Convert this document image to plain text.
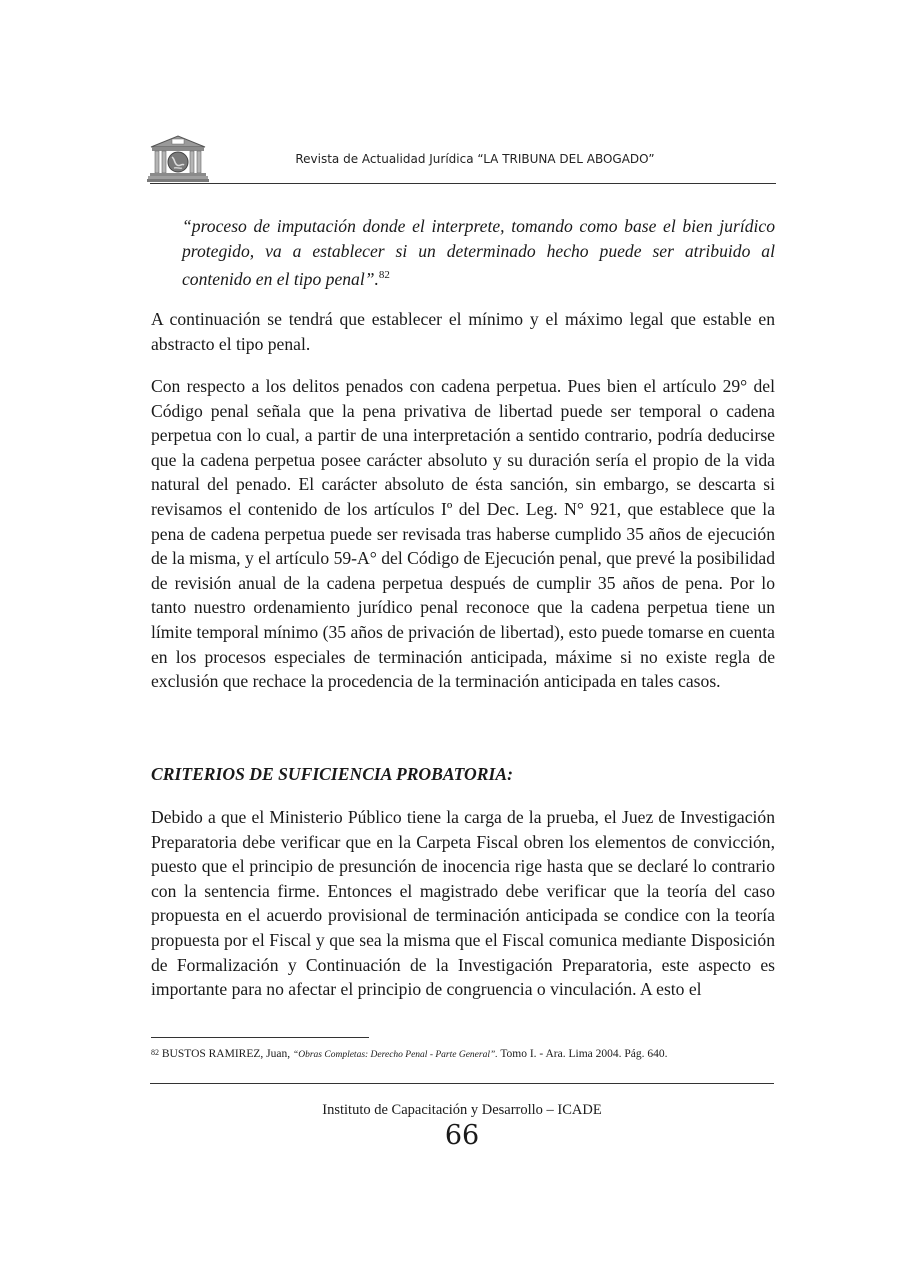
Revista de Actualidad Jurídica “LA TRIBUNA DEL ABOGADO”

“proceso de imputación donde el interprete, tomando como base el bien jurídico protegido, va a establecer si un determinado hecho puede ser atribuido al contenido en el tipo penal”.$^{82}$

A continuación se tendrá que establecer el mínimo y el máximo legal que estable en abstracto el tipo penal.

Con respecto a los delitos penados con cadena perpetua. Pues bien el artículo 29° del Código penal señala que la pena privativa de libertad puede ser temporal o cadena perpetua con lo cual, a partir de una interpretación a sentido contrario, podría deducirse que la cadena perpetua posee carácter absoluto y su duración sería el propio de la vida natural del penado. El carácter absoluto de ésta sanción, sin embargo, se descarta si revisamos el contenido de los artículos Iº del Dec. Leg. N° 921, que establece que la pena de cadena perpetua puede ser revisada tras haberse cumplido 35 años de ejecución de la misma, y el artículo 59-A° del Código de Ejecución penal, que prevé la posibilidad de revisión anual de la cadena perpetua después de cumplir 35 años de pena. Por lo tanto nuestro ordenamiento jurídico penal reconoce que la cadena perpetua tiene un límite temporal mínimo (35 años de privación de libertad), esto puede tomarse en cuenta en los procesos especiales de terminación anticipada, máxime si no existe regla de exclusión que rechace la procedencia de la terminación anticipada en tales casos.

CRITERIOS DE SUFICIENCIA PROBATORIA:

Debido a que el Ministerio Público tiene la carga de la prueba, el Juez de Investigación Preparatoria debe verificar que en la Carpeta Fiscal obren los elementos de convicción, puesto que el principio de presunción de inocencia rige hasta que se declaré lo contrario con la sentencia firme. Entonces el magistrado debe verificar que la teoría del caso propuesta en el acuerdo provisional de terminación anticipada se condice con la teoría propuesta por el Fiscal y que sea la misma que el Fiscal comunica mediante Disposición de Formalización y Continuación de la Investigación Preparatoria, este aspecto es importante para no afectar el principio de congruencia o vinculación. A esto el

$^{82}$ BUSTOS RAMIREZ, Juan, “Obras Completas: Derecho Penal - Parte General”. Tomo I. - Ara. Lima 2004. Pág. 640.
Instituto de Capacitación y Desarrollo – ICADE
66
